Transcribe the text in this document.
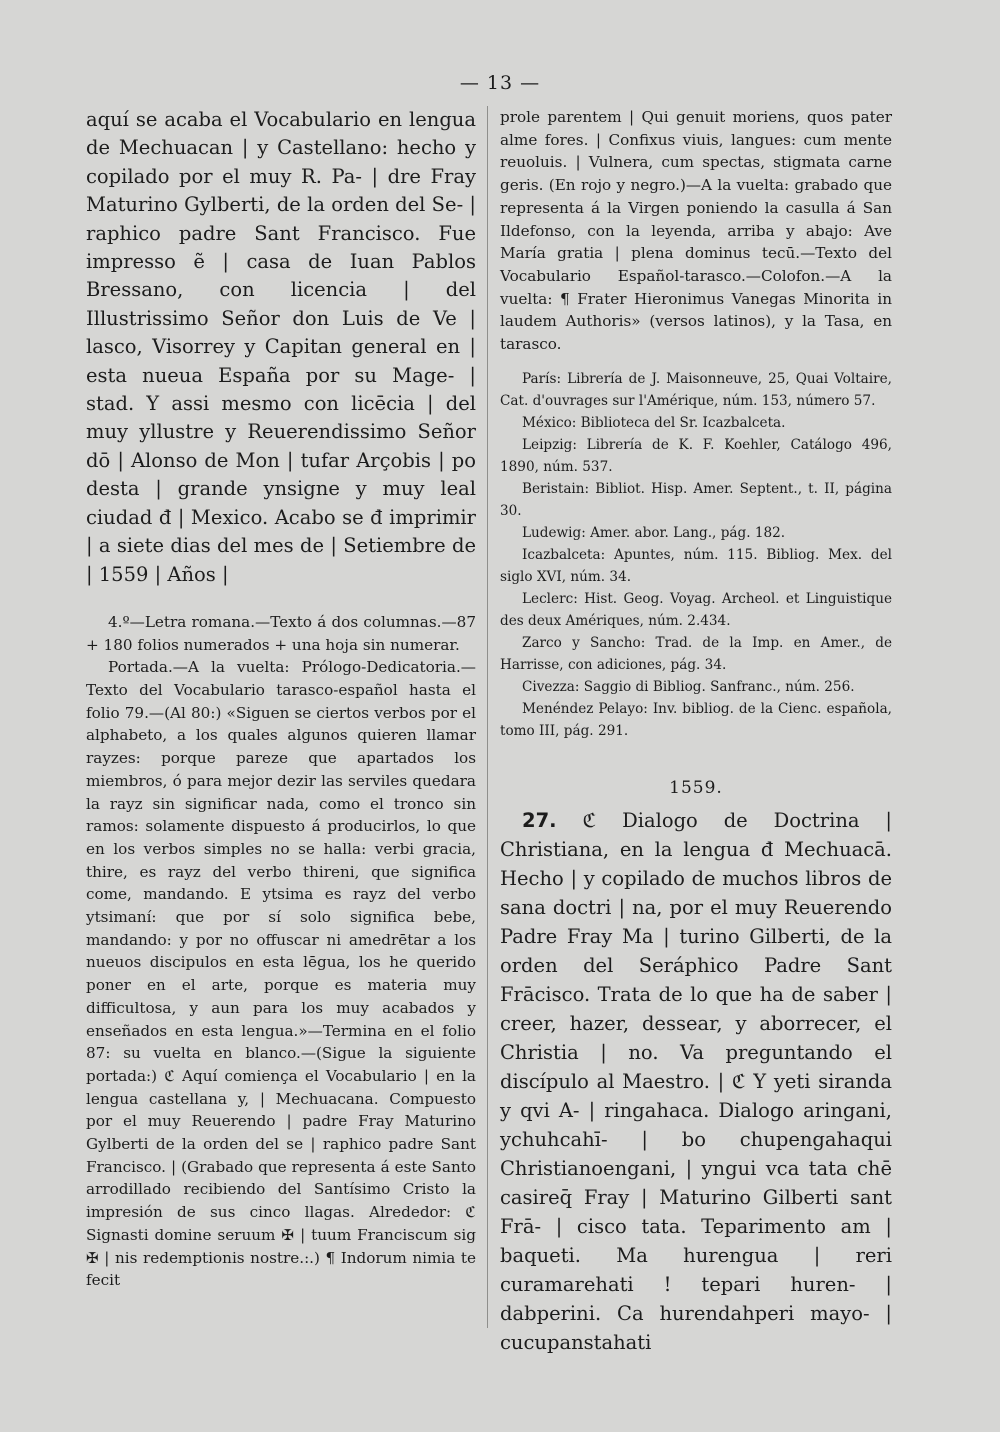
— 13 —

aquí se acaba el Vocabulario en lengua de Mechuacan | y Castellano: hecho y copilado por el muy R. Pa- | dre Fray Maturino Gylberti, de la orden del Se- | raphico padre Sant Francisco. Fue impresso ẽ | casa de Iuan Pablos Bressano, con licencia | del Illustrissimo Señor don Luis de Ve | lasco, Visorrey y Capitan general en | esta nueua España por su Mage- | stad. Y assi mesmo con licēcia | del muy yllustre y Reuerendissimo Señor dō | Alonso de Mon | tufar Arçobis | po desta | grande ynsigne y muy leal ciudad đ | Mexico. Acabo se đ imprimir | a siete dias del mes de | Setiembre de | 1559 | Años |

4.º—Letra romana.—Texto á dos columnas.—87 + 180 folios numerados + una hoja sin numerar.

Portada.—A la vuelta: Prólogo-Dedicatoria.—Texto del Vocabulario tarasco-español hasta el folio 79.—(Al 80:) «Siguen se ciertos verbos por el alphabeto, a los quales algunos quieren llamar rayzes: porque pareze que apartados los miembros, ó para mejor dezir las serviles quedara la rayz sin significar nada, como el tronco sin ramos: solamente dispuesto á producirlos, lo que en los verbos simples no se halla: verbi gracia, thire, es rayz del verbo thireni, que significa come, mandando. E ytsima es rayz del verbo ytsimaní: que por sí solo significa bebe, mandando: y por no offuscar ni amedrētar a los nueuos discipulos en esta lēgua, los he querido poner en el arte, porque es materia muy difficultosa, y aun para los muy acabados y enseñados en esta lengua.»—Termina en el folio 87: su vuelta en blanco.—(Sigue la siguiente portada:) ℭ Aquí comiença el Vocabulario | en la lengua castellana y, | Mechuacana. Compuesto por el muy Reuerendo | padre Fray Maturino Gylberti de la orden del se | raphico padre Sant Francisco. | (Grabado que representa á este Santo arrodillado recibiendo del Santísimo Cristo la impresión de sus cinco llagas. Alrededor: ℭ Signasti domine seruum ✠ | tuum Franciscum sig ✠ | nis redemptionis nostre.:.) ¶ Indorum nimia te fecit

prole parentem | Qui genuit moriens, quos pater alme fores. | Confixus viuis, langues: cum mente reuoluis. | Vulnera, cum spectas, stigmata carne geris. (En rojo y negro.)—A la vuelta: grabado que representa á la Virgen poniendo la casulla á San Ildefonso, con la leyenda, arriba y abajo: Ave María gratia | plena dominus tecū.—Texto del Vocabulario Español-tarasco.—Colofon.—A la vuelta: ¶ Frater Hieronimus Vanegas Minorita in laudem Authoris» (versos latinos), y la Tasa, en tarasco.

París: Librería de J. Maisonneuve, 25, Quai Voltaire, Cat. d'ouvrages sur l'Amérique, núm. 153, número 57.

México: Biblioteca del Sr. Icazbalceta.

Leipzig: Librería de K. F. Koehler, Catálogo 496, 1890, núm. 537.

Beristain: Bibliot. Hisp. Amer. Septent., t. II, página 30.

Ludewig: Amer. abor. Lang., pág. 182.

Icazbalceta: Apuntes, núm. 115. Bibliog. Mex. del siglo XVI, núm. 34.

Leclerc: Hist. Geog. Voyag. Archeol. et Linguistique des deux Amériques, núm. 2.434.

Zarco y Sancho: Trad. de la Imp. en Amer., de Harrisse, con adiciones, pág. 34.

Civezza: Saggio di Bibliog. Sanfranc., núm. 256.

Menéndez Pelayo: Inv. bibliog. de la Cienc. española, tomo III, pág. 291.

1559.

27. ℭ Dialogo de Doctrina | Christiana, en la lengua đ Mechuacā. Hecho | y copilado de muchos libros de sana doctri | na, por el muy Reuerendo Padre Fray Ma | turino Gilberti, de la orden del Seráphico Padre Sant Frācisco. Trata de lo que ha de saber | creer, hazer, dessear, y aborrecer, el Christia | no. Va preguntando el discípulo al Maestro. | ℭ Y yeti siranda y qvi A- | ringahaca. Dialogo aringani, ychuhcahī- | bo chupengahaqui Christianoengani, | yngui vca tata chē casireq̄ Fray | Maturino Gilberti sant Frā- | cisco tata. Teparimento am | baqueti. Ma hurengua | reri curamarehati ! tepari huren- | dabperini. Ca hurendahperi mayo- | cucupanstahati
